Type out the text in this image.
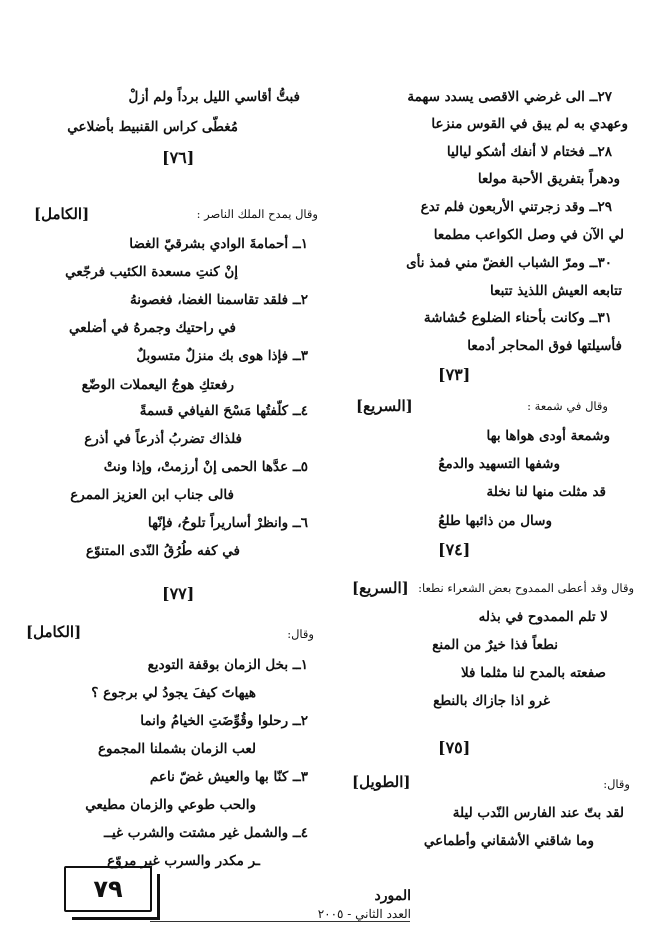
٢٧ــ الى غرضي الاقصى يسدد سهمة
وعهدي به لم يبق في القوس منزعا
٢٨ــ فختام لا أنفك أشكو لياليا
ودهراً بتفريق الأحبة مولعا
٢٩ــ وقد زجرتني الأربعون فلم تدع
لي الآن في وصل الكواعب مطمعا
٣٠ــ ومرّ الشباب الغضّ مني فمذ نأى
تتابعه العيش اللذيذ تتبعا
٣١ــ وكانت بأحناء الضلوع حُشاشة
فأسيلتها فوق المحاجر أدمعا
[٧٣]
وقال في شمعة :
[السريع]
وشمعة أودى هواها بها
وشفها التسهيد والدمعُ
قد مثلت منها لنا نخلة
وسال من ذائبها طلعُ
[٧٤]
وقال وقد أعطى الممدوح بعض الشعراء نطعا:
[السريع]
لا تلم الممدوح في بذله
نطعاً فذا خيرٌ من المنع
صفعته بالمدح لنا مثلما فلا
غرو اذا جازاك بالنطع
[٧٥]
وقال:
[الطويل]
لقد بتّ عند الفارس النّدب ليلة
وما شاقني الأشقاني وأطماعي
فبتُّ أقاسي الليل برداً ولم أزلْ
مُغطّى كراس القنبيط بأضلاعي
[٧٦]
وقال يمدح الملك الناصر :
[الكامل]
١ــ أحمامةَ الوادي بشرقيّ الغضا
إنْ كنتِ مسعدة الكئيب فرجّعي
٢ــ فلقد تقاسمنا الغضا، فغصونهُ
في راحتيك وجمرهُ في أضلعي
٣ــ فإذا هوى بك منزلٌ متسوبلٌ
رفعتكِ هوجُ اليعملات الوضّع
٤ــ كلّفتُها مَسْحَ الفيافي قسمةً
فلذاك تضربُ أذرعاً في أذرع
٥ــ عدَّها الحمى إنْ أرزمتْ، وإذا ونتْ
فالى جناب ابن العزيز الممرع
٦ــ وانظرْ أساريراً تلوحُ، فإنّها
في كفه طُرُقُ النّدى المتنوّع
[٧٧]
وقال:
[الكامل]
١ــ بخل الزمان بوقفة التوديع
هيهاتَ كيفَ يجودُ لي برجوع ؟
٢ــ رحلوا وقُوِّضَتِ الخيامُ وانما
لعب الزمان بشملنا المجموع
٣ــ كنّا بها والعيش غضّ ناعم
والحب طوعي والزمان مطيعي
٤ــ والشمل غير مشتت والشرب غيــ
ـر مكدر والسرب غير مروّع
٧٩	المورد
العدد الثاني - ٢٠٠٥
